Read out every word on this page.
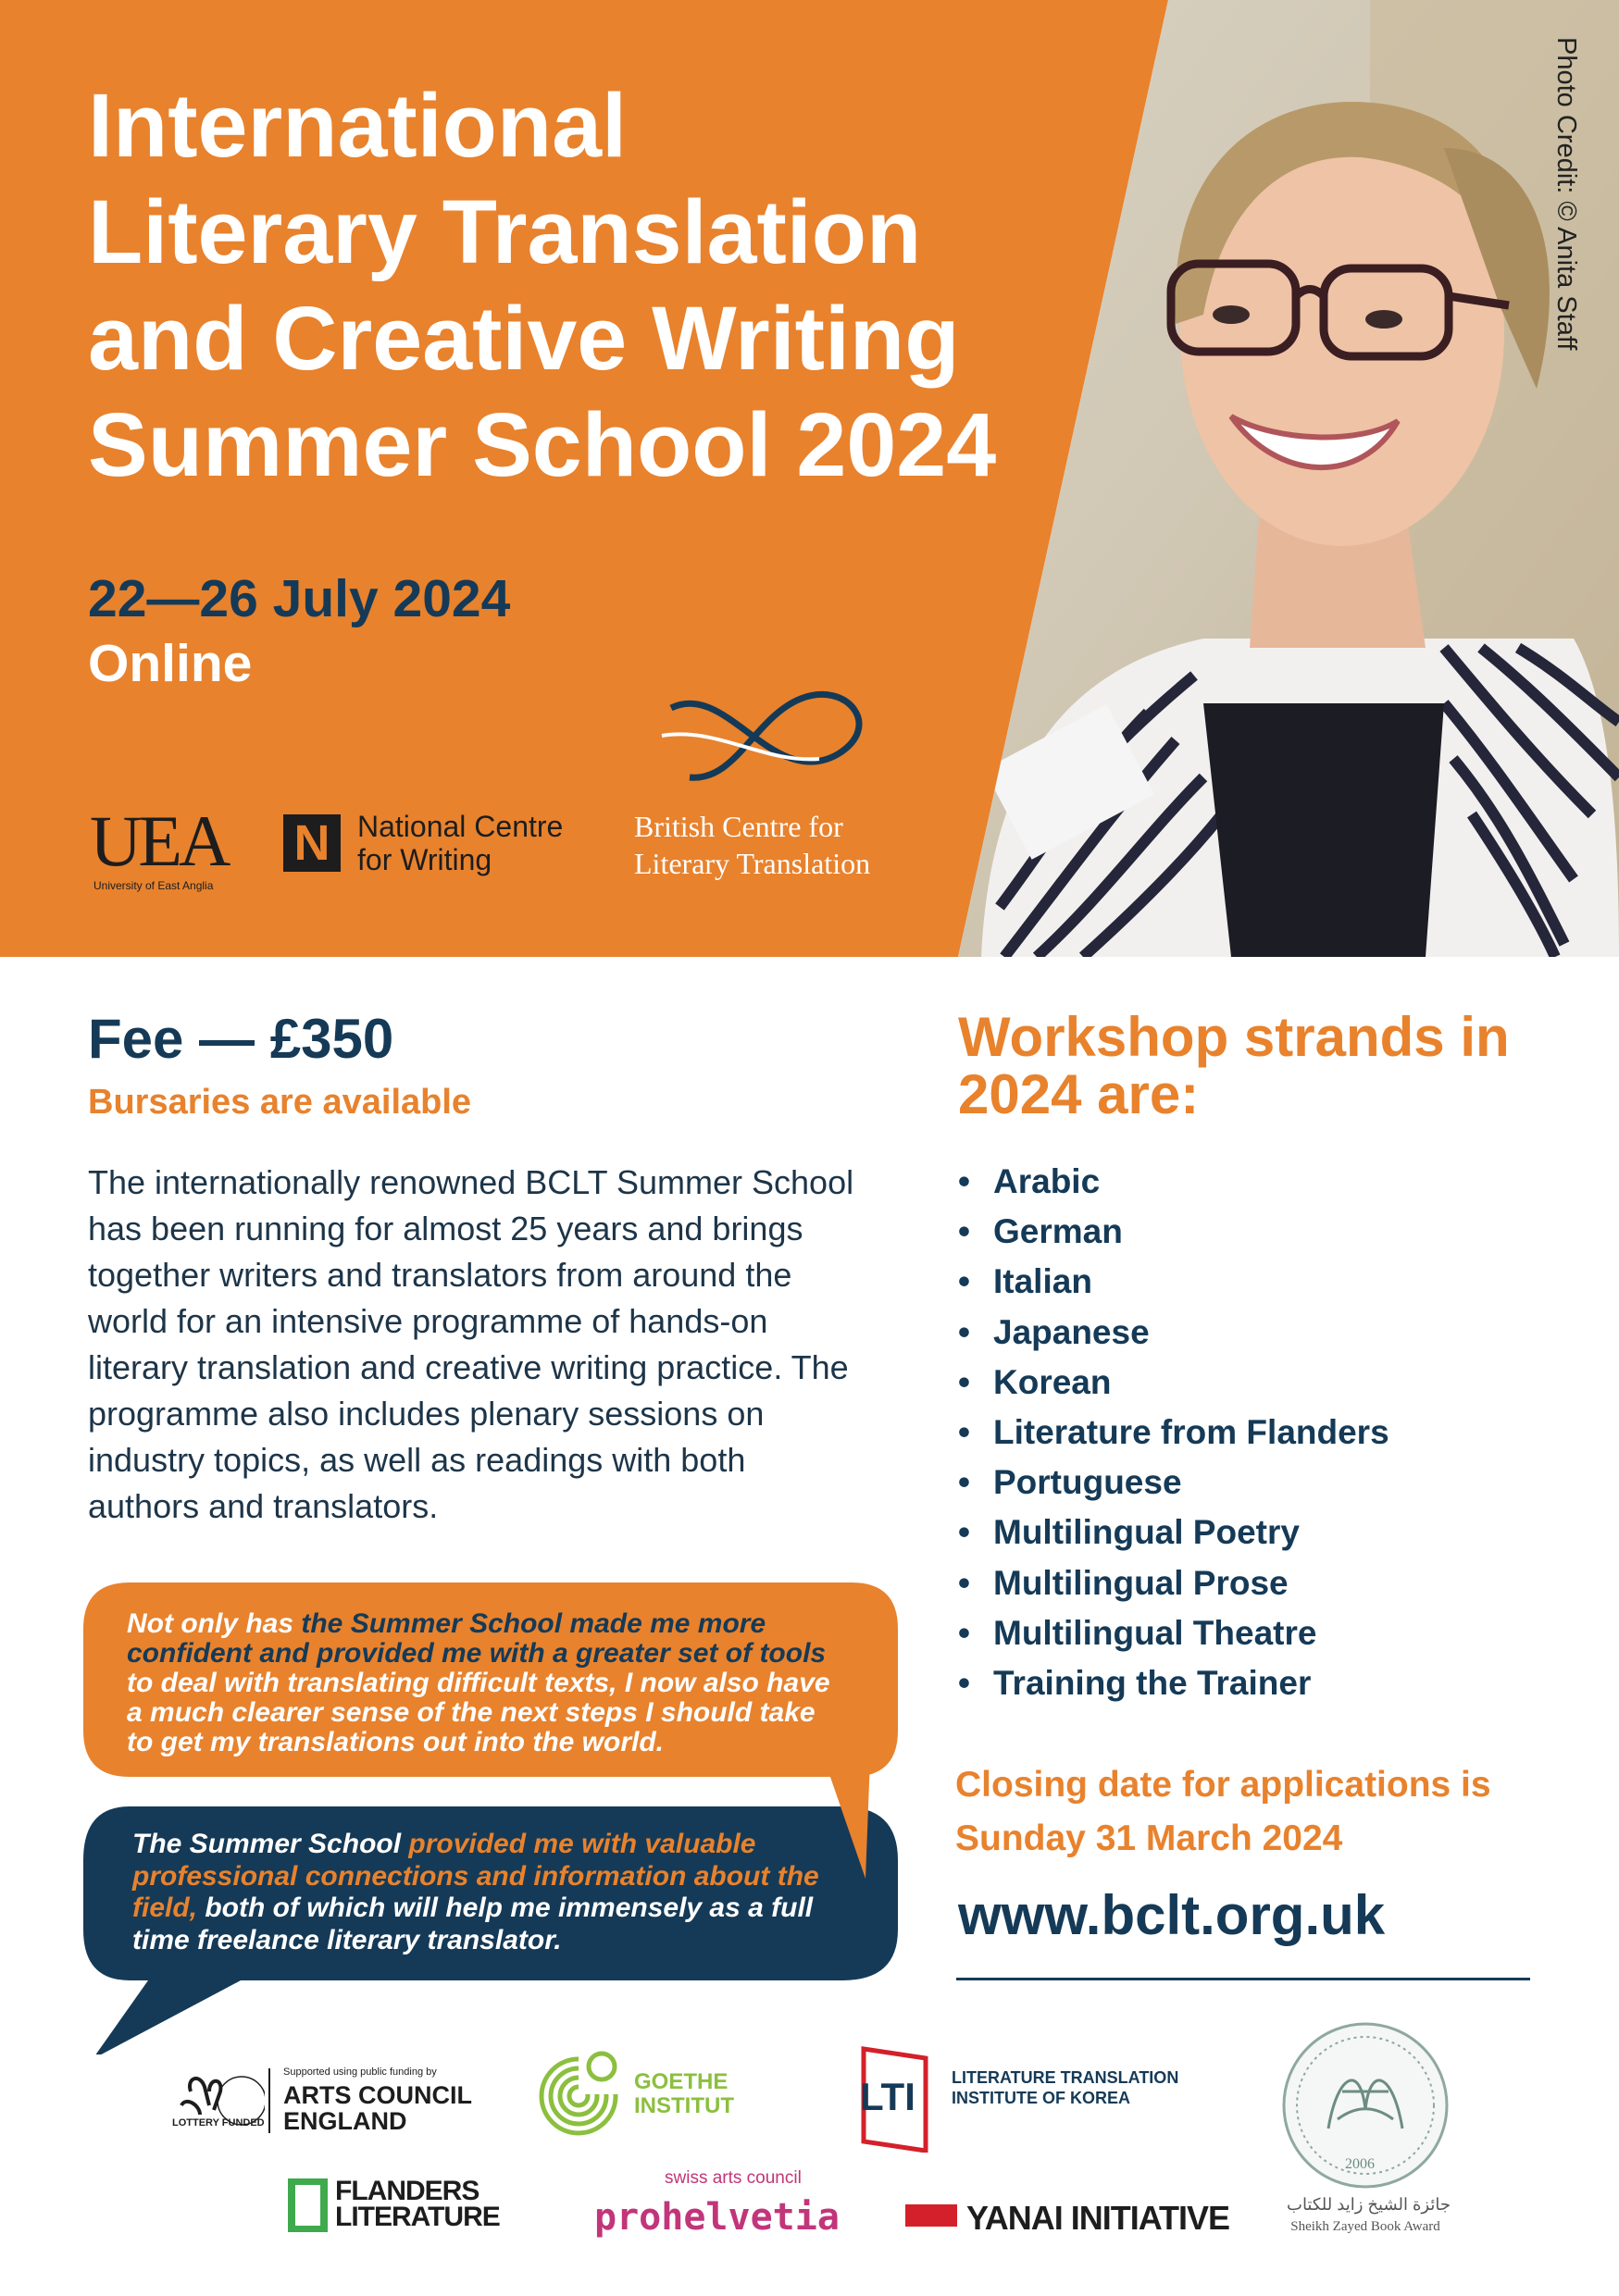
International
Literary Translation
and Creative Writing
Summer School 2024
22—26 July 2024
Online
Photo Credit: © Anita Staff
UEA
University of East Anglia
N National Centre
for Writing
British Centre for
Literary Translation
Fee — £350
Bursaries are available
The internationally renowned BCLT Summer School
has been running for almost 25 years and brings
together writers and translators from around the
world for an intensive programme of hands-on
literary translation and creative writing practice. The
programme also includes plenary sessions on
industry topics, as well as readings with both
authors and translators.
Not only has the Summer School made me more
confident and provided me with a greater set of tools
to deal with translating difficult texts, I now also have
a much clearer sense of the next steps I should take
to get my translations out into the world.
The Summer School provided me with valuable
professional connections and information about the
field, both of which will help me immensely as a full
time freelance literary translator.
Workshop strands in
2024 are:
• Arabic
• German
• Italian
• Japanese
• Korean
• Literature from Flanders
• Portuguese
• Multilingual Poetry
• Multilingual Prose
• Multilingual Theatre
• Training the Trainer
Closing date for applications is
Sunday 31 March 2024
www.bclt.org.uk
LOTTERY FUNDED
Supported using public funding by
ARTS COUNCIL
ENGLAND
GOETHE
INSTITUT	LTI LITERATURE TRANSLATION
INSTITUTE OF KOREA
2006
جائزة الشيخ زايد للكتاب
Sheikh Zayed Book Award
FLANDERS
LITERATURE
swiss arts council
prohelvetia	YANAI INITIATIVE
